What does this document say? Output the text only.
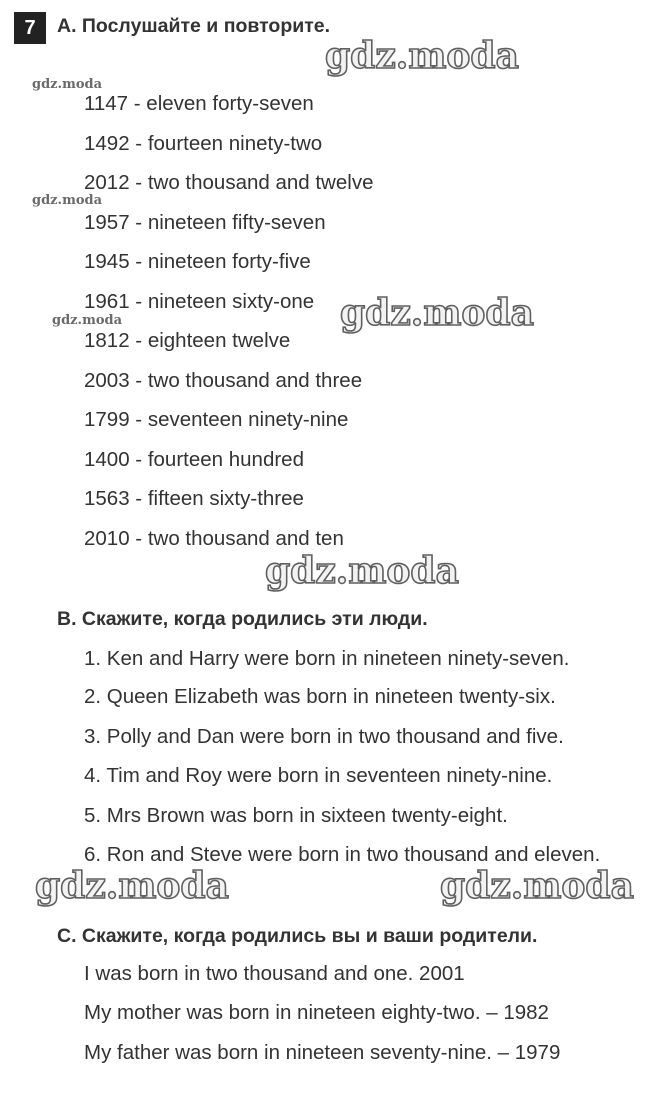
7	А. Послушайте и повторите.
1147 - eleven forty-seven
1492 - fourteen ninety-two
2012 - two thousand and twelve
1957 - nineteen fifty-seven
1945 - nineteen forty-five
1961 - nineteen sixty-one
1812 - eighteen twelve
2003 - two thousand and three
1799 - seventeen ninety-nine
1400 - fourteen hundred
1563 - fifteen sixty-three
2010 - two thousand and ten
B. Скажите, когда родились эти люди.
1. Ken and Harry were born in nineteen ninety-seven.
2. Queen Elizabeth was born in nineteen twenty-six.
3. Polly and Dan were born in two thousand and five.
4. Tim and Roy were born in seventeen ninety-nine.
5. Mrs Brown was born in sixteen twenty-eight.
6. Ron and Steve were born in two thousand and eleven.
С. Скажите, когда родились вы и ваши родители.
I was born in two thousand and one. 2001
My mother was born in nineteen eighty-two. – 1982
My father was born in nineteen seventy-nine. – 1979
gdz.moda
gdz.moda
gdz.moda
gdz.moda	gdz.moda
gdz.moda
gdz.moda
gdz.moda
